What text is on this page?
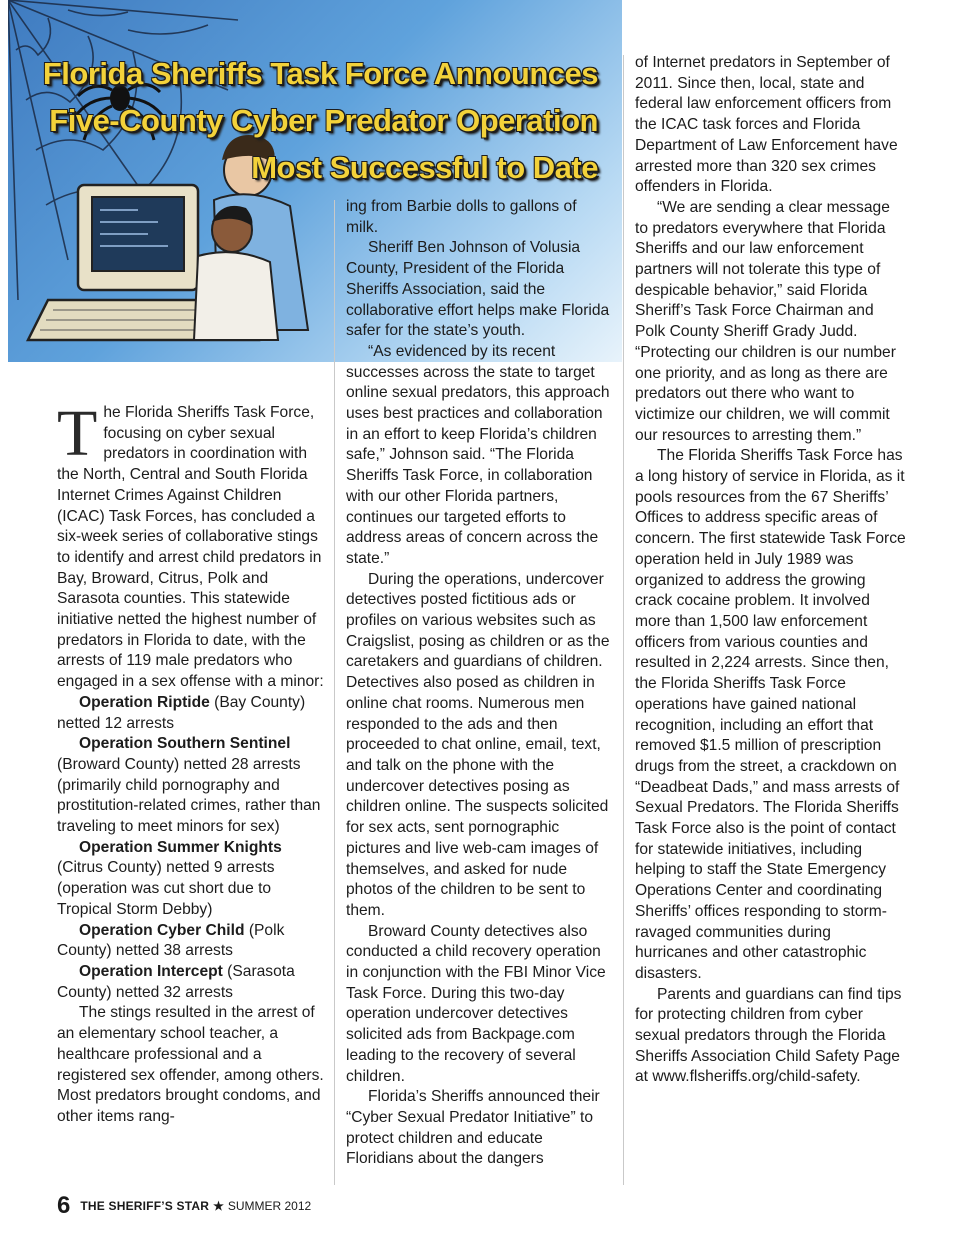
Florida Sheriffs Task Force Announces
Five-County Cyber Predator Operation
Most Successful to Date

The Florida Sheriffs Task Force, focusing on cyber sexual predators in coordination with the North, Central and South Florida Internet Crimes Against Children (ICAC) Task Forces, has concluded a six-week series of collaborative stings to identify and arrest child predators in Bay, Broward, Citrus, Polk and Sarasota counties. This statewide initiative netted the highest number of predators in Florida to date, with the arrests of 119 male predators who engaged in a sex offense with a minor:

Operation Riptide (Bay County) netted 12 arrests

Operation Southern Sentinel (Broward County) netted 28 arrests (primarily child pornography and prostitution-related crimes, rather than traveling to meet minors for sex)

Operation Summer Knights (Citrus County) netted 9 arrests (operation was cut short due to Tropical Storm Debby)

Operation Cyber Child (Polk County) netted 38 arrests

Operation Intercept (Sarasota County) netted 32 arrests

The stings resulted in the arrest of an elementary school teacher, a healthcare professional and a registered sex offender, among others. Most predators brought condoms, and other items rang-

ing from Barbie dolls to gallons of milk.

Sheriff Ben Johnson of Volusia County, President of the Florida Sheriffs Association, said the collaborative effort helps make Florida safer for the state’s youth.

“As evidenced by its recent successes across the state to target online sexual predators, this approach uses best practices and collaboration in an effort to keep Florida’s children safe,” Johnson said. “The Florida Sheriffs Task Force, in collaboration with our other Florida partners, continues our targeted efforts to address areas of concern across the state.”

During the operations, undercover detectives posted fictitious ads or profiles on various websites such as Craigslist, posing as children or as the caretakers and guardians of children. Detectives also posed as children in online chat rooms. Numerous men responded to the ads and then proceeded to chat online, email, text, and talk on the phone with the undercover detectives posing as children online. The suspects solicited for sex acts, sent pornographic pictures and live web-cam images of themselves, and asked for nude photos of the children to be sent to them.

Broward County detectives also conducted a child recovery operation in conjunction with the FBI Minor Vice Task Force. During this two-day operation undercover detectives solicited ads from Backpage.com leading to the recovery of several children.

Florida’s Sheriffs announced their “Cyber Sexual Predator Initiative” to protect children and educate Floridians about the dangers

of Internet predators in September of 2011. Since then, local, state and federal law enforcement officers from the ICAC task forces and Florida Department of Law Enforcement have arrested more than 320 sex crimes offenders in Florida.

“We are sending a clear message to predators everywhere that Florida Sheriffs and our law enforcement partners will not tolerate this type of despicable behavior,” said Florida Sheriff’s Task Force Chairman and Polk County Sheriff Grady Judd. “Protecting our children is our number one priority, and as long as there are predators out there who want to victimize our children, we will commit our resources to arresting them.”

The Florida Sheriffs Task Force has a long history of service in Florida, as it pools resources from the 67 Sheriffs’ Offices to address specific areas of concern. The first statewide Task Force operation held in July 1989 was organized to address the growing crack cocaine problem. It involved more than 1,500 law enforcement officers from various counties and resulted in 2,224 arrests. Since then, the Florida Sheriffs Task Force operations have gained national recognition, including an effort that removed $1.5 million of prescription drugs from the street, a crackdown on “Deadbeat Dads,” and mass arrests of Sexual Predators. The Florida Sheriffs Task Force also is the point of contact for statewide initiatives, including helping to staff the State Emergency Operations Center and coordinating Sheriffs’ offices responding to storm-ravaged communities during hurricanes and other catastrophic disasters.

Parents and guardians can find tips for protecting children from cyber sexual predators through the Florida Sheriffs Association Child Safety Page at www.flsheriffs.org/child-safety.

6 THE SHERIFF’S STAR ★ SUMMER 2012
